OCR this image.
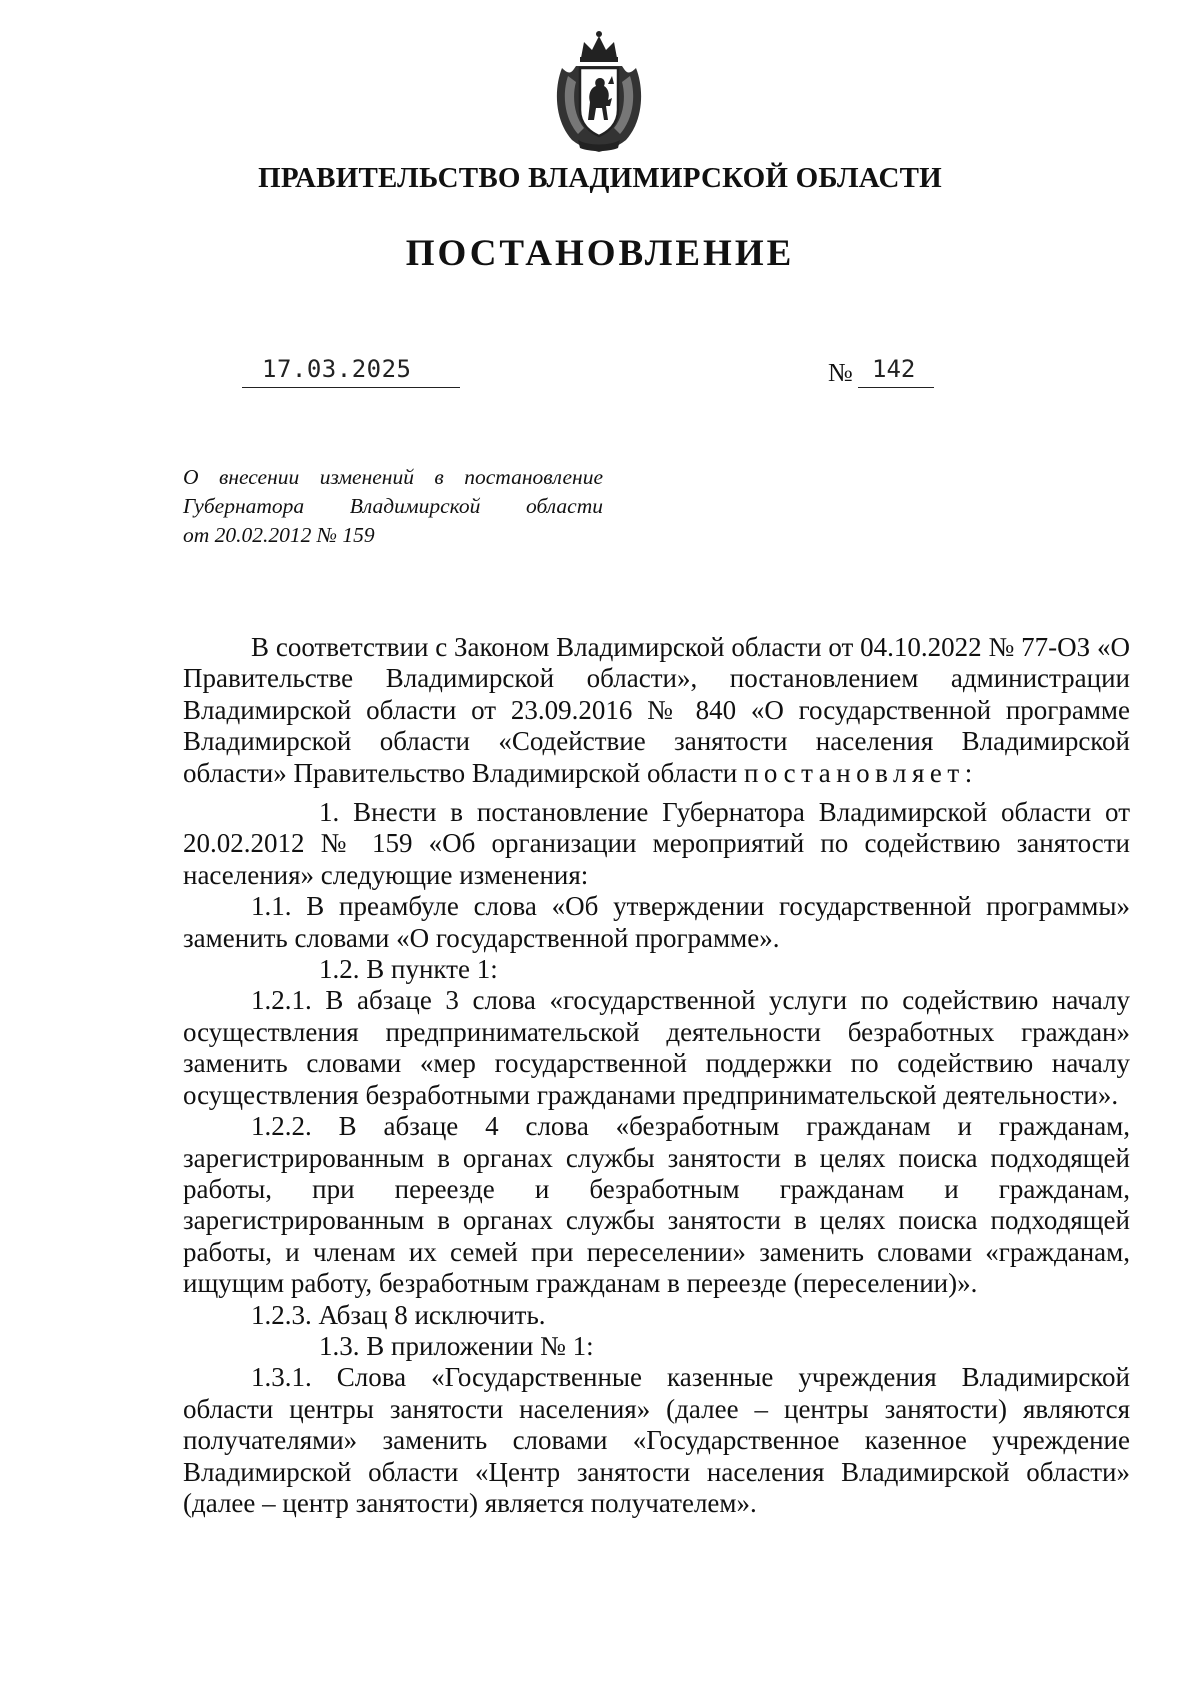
ПРАВИТЕЛЬСТВО ВЛАДИМИРСКОЙ ОБЛАСТИ
ПОСТАНОВЛЕНИЕ
17.03.2025	№ 142
О внесении изменений в постановление
Губернатора Владимирской области
от 20.02.2012 № 159

В соответствии с Законом Владимирской области от 04.10.2022 № 77-ОЗ «О Правительстве Владимирской области», постановлением администрации Владимирской области от 23.09.2016 № 840 «О государственной программе Владимирской области «Содействие занятости населения Владимирской области» Правительство Владимирской области постановляет:

1. Внести в постановление Губернатора Владимирской области от 20.02.2012 № 159 «Об организации мероприятий по содействию занятости населения» следующие изменения:

1.1. В преамбуле слова «Об утверждении государственной программы» заменить словами «О государственной программе».

1.2. В пункте 1:

1.2.1. В абзаце 3 слова «государственной услуги по содействию началу осуществления предпринимательской деятельности безработных граждан» заменить словами «мер государственной поддержки по содействию началу осуществления безработными гражданами предпринимательской деятельности».

1.2.2. В абзаце 4 слова «безработным гражданам и гражданам, зарегистрированным в органах службы занятости в целях поиска подходящей работы, при переезде и безработным гражданам и гражданам, зарегистрированным в органах службы занятости в целях поиска подходящей работы, и членам их семей при переселении» заменить словами «гражданам, ищущим работу, безработным гражданам в переезде (переселении)».

1.2.3. Абзац 8 исключить.

1.3. В приложении № 1:

1.3.1. Слова «Государственные казенные учреждения Владимирской области центры занятости населения» (далее – центры занятости) являются получателями» заменить словами «Государственное казенное учреждение Владимирской области «Центр занятости населения Владимирской области» (далее – центр занятости) является получателем».
